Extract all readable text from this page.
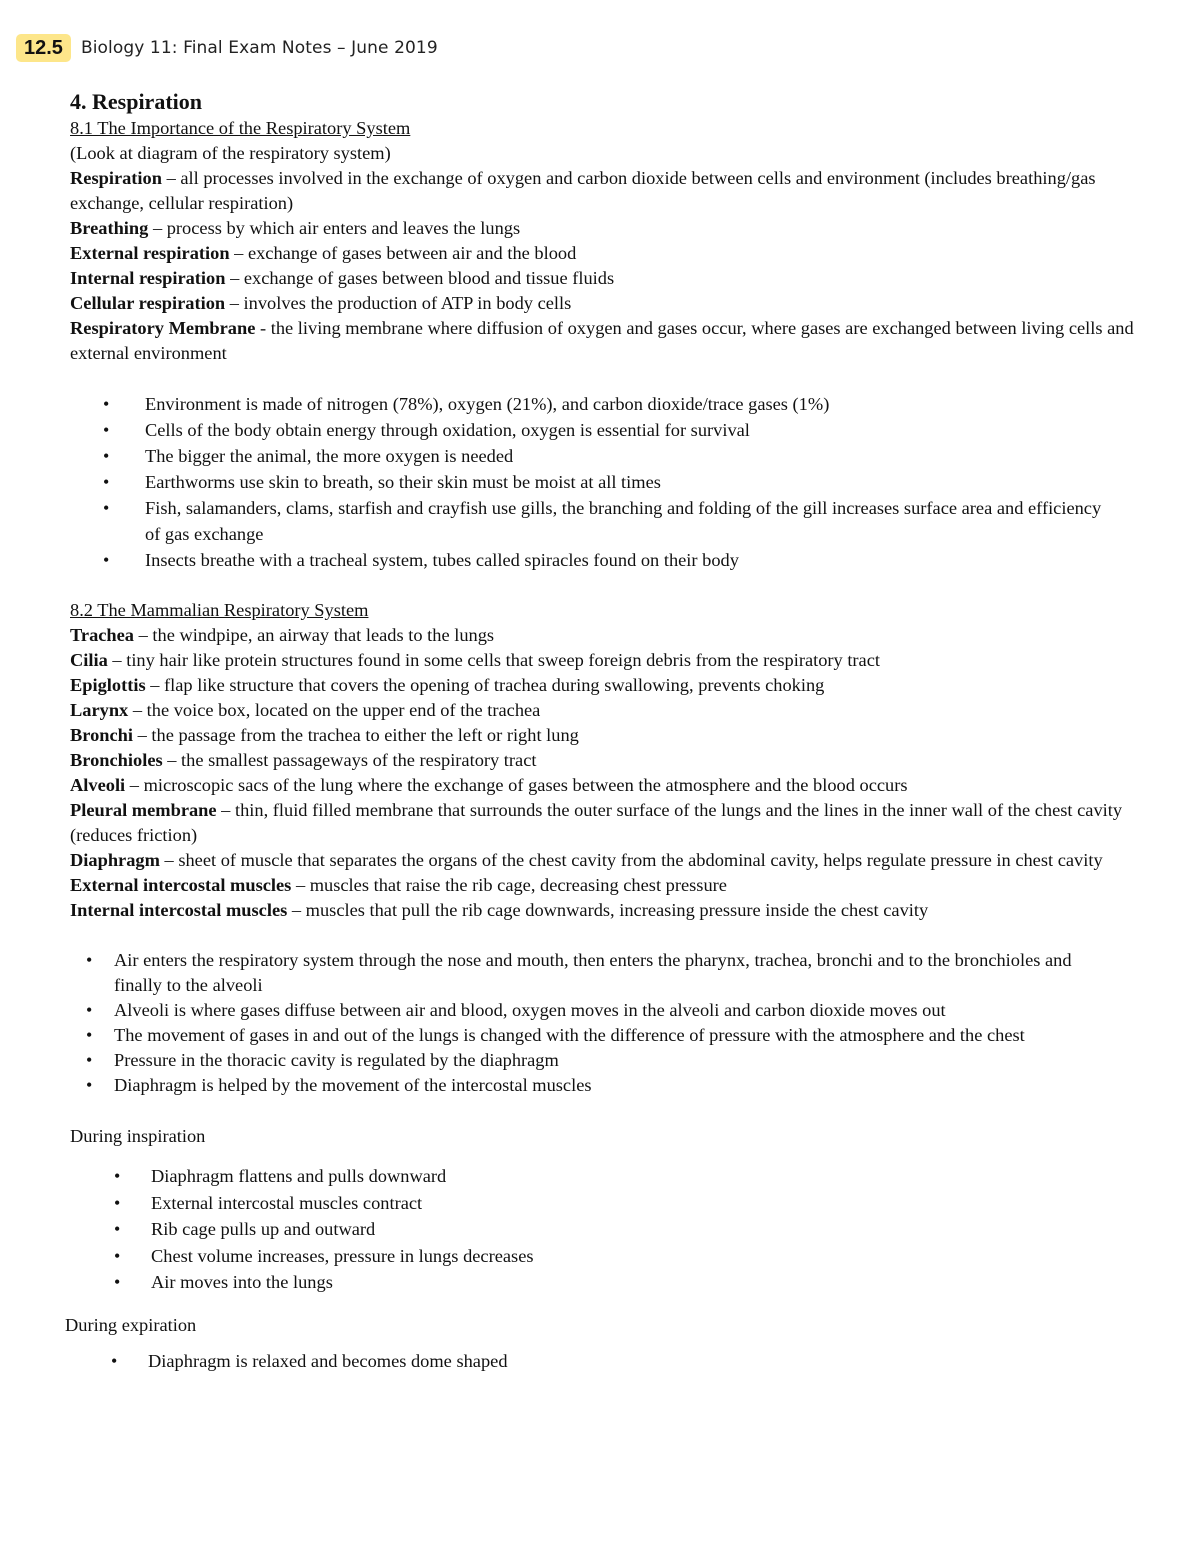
12.5	Biology 11: Final Exam Notes – June 2019

4. Respiration

8.1 The Importance of the Respiratory System

(Look at diagram of the respiratory system)

Respiration – all processes involved in the exchange of oxygen and carbon dioxide between cells and environment (includes breathing/gas exchange, cellular respiration)

Breathing – process by which air enters and leaves the lungs

External respiration – exchange of gases between air and the blood

Internal respiration – exchange of gases between blood and tissue fluids

Cellular respiration – involves the production of ATP in body cells

Respiratory Membrane - the living membrane where diffusion of oxygen and gases occur, where gases are exchanged between living cells and external environment

• Environment is made of nitrogen (78%), oxygen (21%), and carbon dioxide/trace gases (1%)
• Cells of the body obtain energy through oxidation, oxygen is essential for survival
• The bigger the animal, the more oxygen is needed
• Earthworms use skin to breath, so their skin must be moist at all times
• Fish, salamanders, clams, starfish and crayfish use gills, the branching and folding of the gill increases surface area and efficiency of gas exchange
• Insects breathe with a tracheal system, tubes called spiracles found on their body

8.2 The Mammalian Respiratory System

Trachea – the windpipe, an airway that leads to the lungs

Cilia – tiny hair like protein structures found in some cells that sweep foreign debris from the respiratory tract

Epiglottis – flap like structure that covers the opening of trachea during swallowing, prevents choking

Larynx – the voice box, located on the upper end of the trachea

Bronchi – the passage from the trachea to either the left or right lung

Bronchioles – the smallest passageways of the respiratory tract

Alveoli – microscopic sacs of the lung where the exchange of gases between the atmosphere and the blood occurs

Pleural membrane – thin, fluid filled membrane that surrounds the outer surface of the lungs and the lines in the inner wall of the chest cavity (reduces friction)

Diaphragm – sheet of muscle that separates the organs of the chest cavity from the abdominal cavity, helps regulate pressure in chest cavity

External intercostal muscles – muscles that raise the rib cage, decreasing chest pressure

Internal intercostal muscles – muscles that pull the rib cage downwards, increasing pressure inside the chest cavity

• Air enters the respiratory system through the nose and mouth, then enters the pharynx, trachea, bronchi and to the bronchioles and finally to the alveoli
• Alveoli is where gases diffuse between air and blood, oxygen moves in the alveoli and carbon dioxide moves out
• The movement of gases in and out of the lungs is changed with the difference of pressure with the atmosphere and the chest
• Pressure in the thoracic cavity is regulated by the diaphragm
• Diaphragm is helped by the movement of the intercostal muscles

During inspiration

• Diaphragm flattens and pulls downward
• External intercostal muscles contract
• Rib cage pulls up and outward
• Chest volume increases, pressure in lungs decreases
• Air moves into the lungs

During expiration

• Diaphragm is relaxed and becomes dome shaped
